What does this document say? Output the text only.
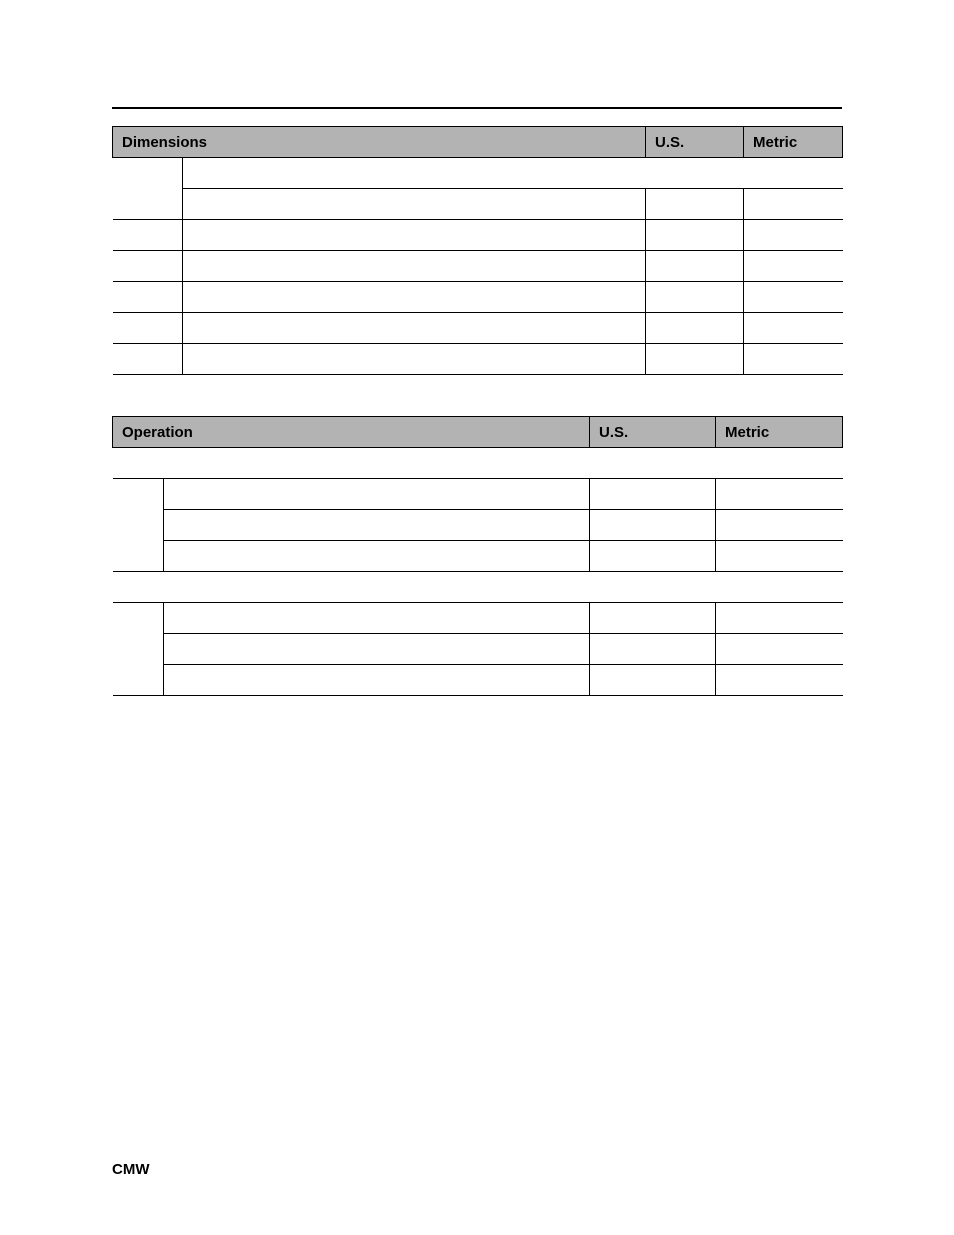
Dimensions		U.S.	Metric

Operation		U.S.	Metric

CMW
